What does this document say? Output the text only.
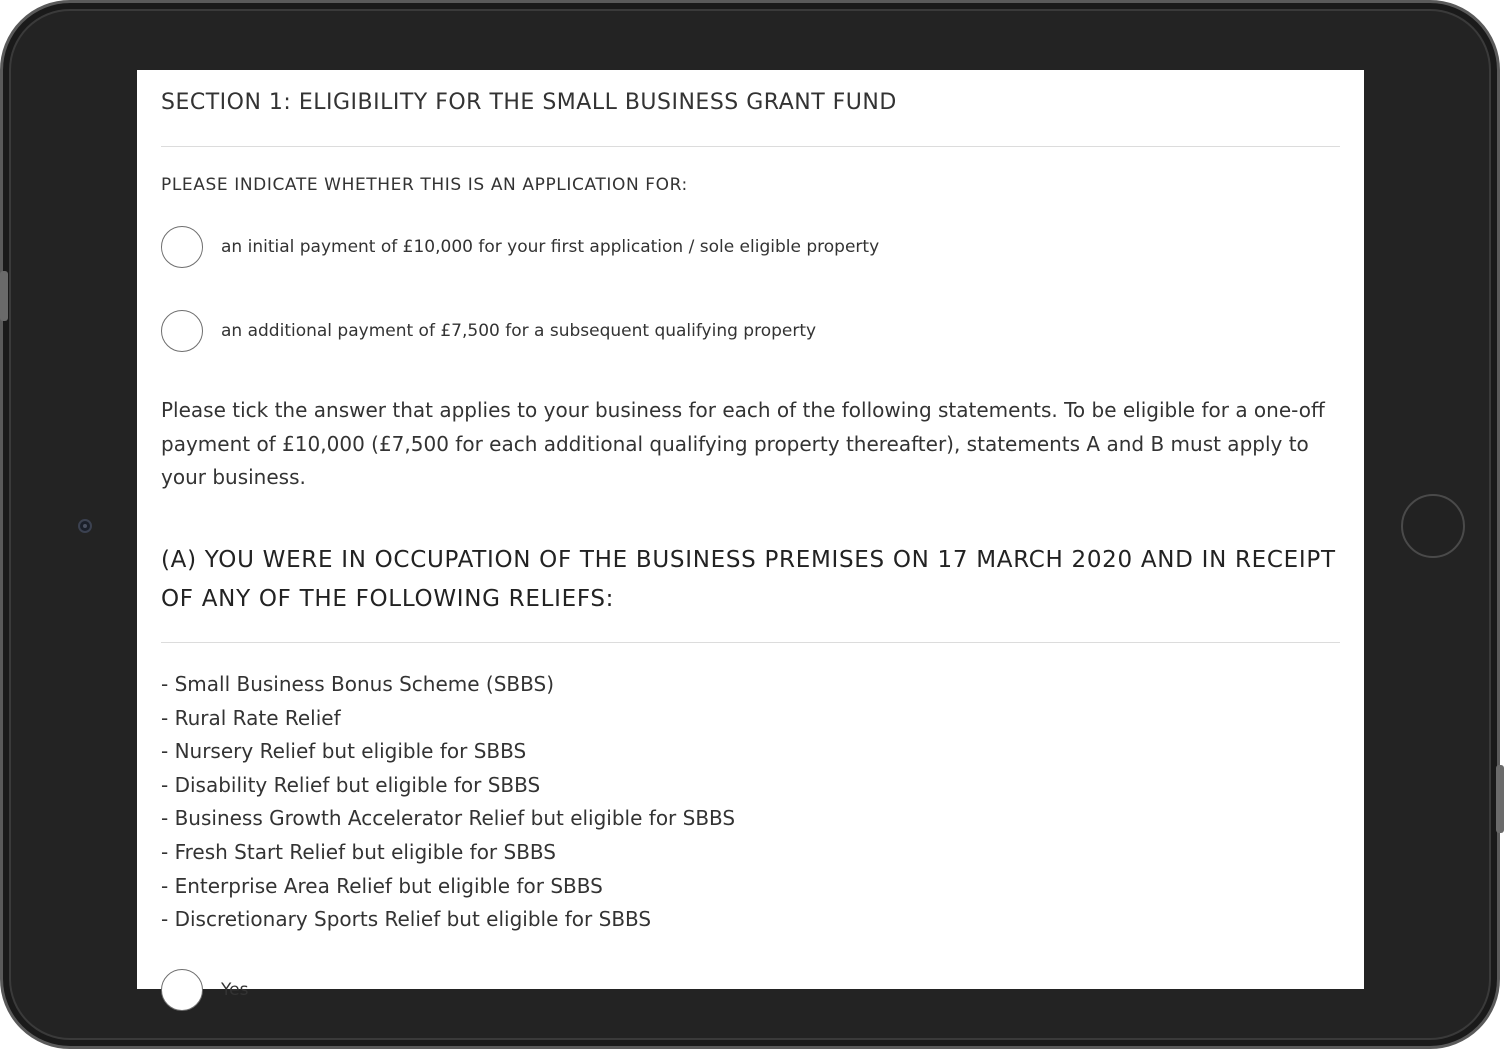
SECTION 1: ELIGIBILITY FOR THE SMALL BUSINESS GRANT FUND
PLEASE INDICATE WHETHER THIS IS AN APPLICATION FOR:
an initial payment of £10,000 for your first application / sole eligible property
an additional payment of £7,500 for a subsequent qualifying property

Please tick the answer that applies to your business for each of the following statements. To be eligible for a one-off payment of £10,000 (£7,500 for each additional qualifying property thereafter), statements A and B must apply to your business.

(A) YOU WERE IN OCCUPATION OF THE BUSINESS PREMISES ON 17 MARCH 2020 AND IN RECEIPT OF ANY OF THE FOLLOWING RELIEFS:
- Small Business Bonus Scheme (SBBS)
- Rural Rate Relief
- Nursery Relief but eligible for SBBS
- Disability Relief but eligible for SBBS
- Business Growth Accelerator Relief but eligible for SBBS
- Fresh Start Relief but eligible for SBBS
- Enterprise Area Relief but eligible for SBBS
- Discretionary Sports Relief but eligible for SBBS
Yes
